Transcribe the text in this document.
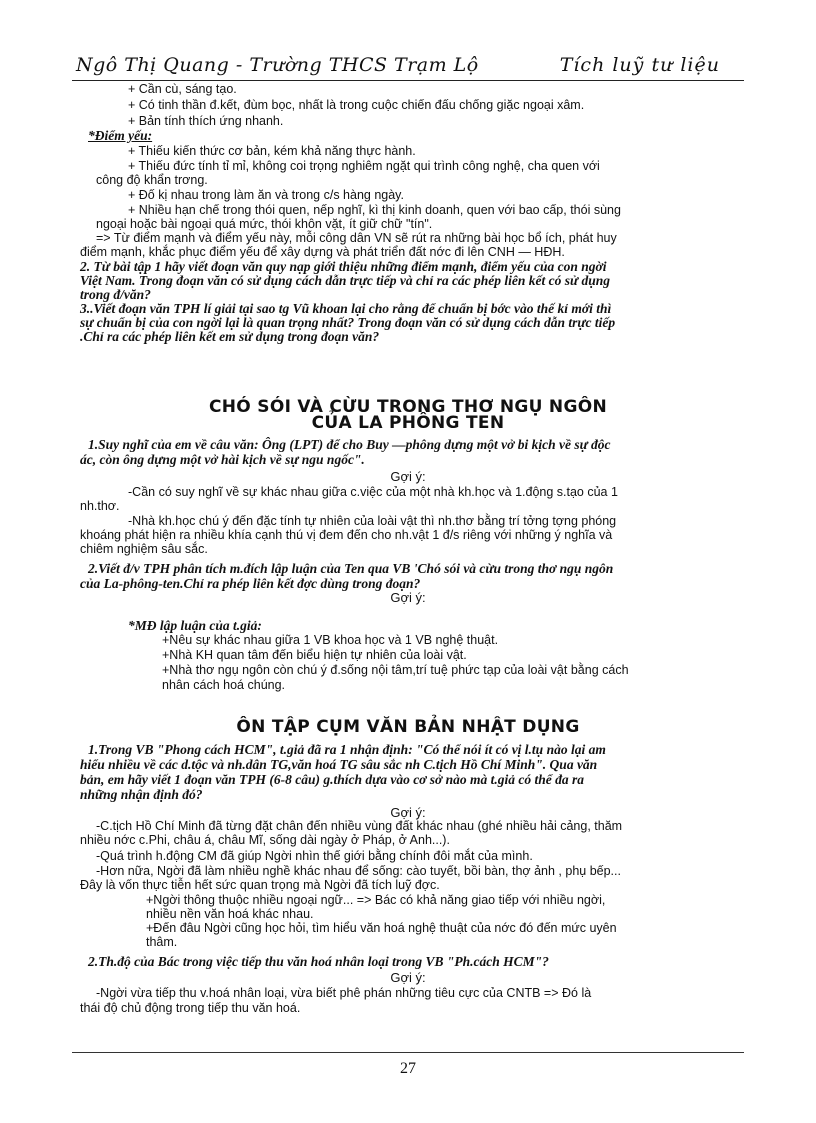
Ngô Thị Quang - Trường THCS Trạm Lộ	Tích luỹ tư liệu
+ Cần cù, sáng tạo.
+ Có tinh thần đ.kết, đùm bọc, nhất là trong cuộc chiến đấu chống giặc ngoại xâm.
+ Bản tính thích ứng nhanh.
*Điểm yếu:
+ Thiếu kiến thức cơ bản, kém khả năng thực hành.
+ Thiếu đức tính tỉ mỉ, không coi trọng nghiêm ngặt qui trình công nghệ, cha quen với
công độ khẩn trơng.
+ Đố kị nhau trong làm ăn và trong c/s hàng ngày.
+ Nhiều hạn chế trong thói quen, nếp nghĩ, kì thị kinh doanh, quen với bao cấp, thói sùng
ngoại hoặc bài ngoại quá mức, thói khôn vặt, ít giữ chữ "tín".
=> Từ điểm mạnh và điểm yếu này, mỗi công dân VN sẽ rút ra những bài học bổ ích, phát huy
điểm mạnh, khắc phục điểm yếu để xây dựng và phát triển đất nớc đi lên CNH — HĐH.
2. Từ bài tập 1 hãy viết đoạn văn quy nạp giới thiệu những điểm mạnh, điểm yếu của con ngời
Việt Nam. Trong đoạn văn có sử dụng cách dẫn trực tiếp và chỉ ra các phép liên kết có sử dụng
trong đ/văn?
3..Viết đoạn văn TPH lí giải tại sao tg Vũ khoan lại cho rằng để chuẩn bị bớc vào thế kỉ mới thì
sự chuẩn bị của con ngời lại là quan trọng nhất? Trong đoạn văn có sử dụng cách dẫn trực tiếp
.Chỉ ra các phép liên kết em sử dụng trong đoạn văn?
CHÓ SÓI VÀ CỪU TRONG THƠ NGỤ NGÔN
CỦA LA PHÔNG TEN
1.Suy nghĩ của em về câu văn: Ông (LPT) để cho Buy —phông dựng một vở bi kịch về sự độc
ác, còn ông dựng một vở hài kịch về sự ngu ngốc".
Gợi ý:
-Cần có suy nghĩ về sự khác nhau giữa c.việc của một nhà kh.học và 1.động s.tạo của 1
nh.thơ.
-Nhà kh.học chú ý đến đặc tính tự nhiên của loài vật thì nh.thơ bằng trí tởng tợng phóng
khoáng phát hiện ra nhiều khía cạnh thú vị đem đến cho nh.vật 1 đ/s riêng với những ý nghĩa và
chiêm nghiệm sâu sắc.
2.Viết đ/v TPH phân tích m.đích lập luận của Ten qua VB 'Chó sói và cừu trong thơ ngụ ngôn
của La-phông-ten.Chỉ ra phép liên kết đợc dùng trong đoạn?
Gợi ý:
*MĐ lập luận của t.giả:
+Nêu sự khác nhau giữa 1 VB khoa học và 1 VB nghệ thuật.
+Nhà KH quan tâm đến biểu hiện tự nhiên của loài vật.
+Nhà thơ ngụ ngôn còn chú ý đ.sống nội tâm,trí tuệ phức tạp của loài vật bằng cách
nhân cách hoá chúng.
ÔN TẬP CỤM VĂN BẢN NHẬT DỤNG
1.Trong VB "Phong cách HCM", t.giả đã ra 1 nhận định: "Có thể nói ít có vị l.tụ nào lại am
hiểu nhiều về các d.tộc và nh.dân TG,văn hoá TG sâu sắc nh C.tịch Hồ Chí Minh". Qua văn
bản, em hãy viết 1 đoạn văn TPH (6-8 câu) g.thích dựa vào cơ sở nào mà t.giả có thể đa ra
những nhận định đó?
Gợi ý:
-C.tịch Hồ Chí Minh đã từng đặt chân đến nhiều vùng đất khác nhau (ghé nhiều hải cảng, thăm
nhiều nớc c.Phi, châu á, châu Mĩ, sống dài ngày ở Pháp, ở Anh...).
-Quá trình h.động CM đã giúp Ngời nhìn thế giới bằng chính đôi mắt của mình.
-Hơn nữa, Ngời đã làm nhiều nghề khác nhau để sống: cào tuyết, bồi bàn, thợ ảnh , phụ bếp...
Đây là vốn thực tiễn hết sức quan trọng mà Ngời đã tích luỹ đợc.
+Ngời thông thuộc nhiều ngoại ngữ... => Bác có khả năng giao tiếp với nhiều ngời,
nhiều nền văn hoá khác nhau.
+Đến đâu Ngời cũng học hỏi, tìm hiểu văn hoá nghệ thuật của nớc đó đến mức uyên
thâm.
2.Th.độ của Bác trong việc tiếp thu văn hoá nhân loại trong VB "Ph.cách HCM"?
Gợi ý:
-Ngời vừa tiếp thu v.hoá nhân loại, vừa biết phê phán những tiêu cực của CNTB => Đó là
thái độ chủ động trong tiếp thu văn hoá.
27
